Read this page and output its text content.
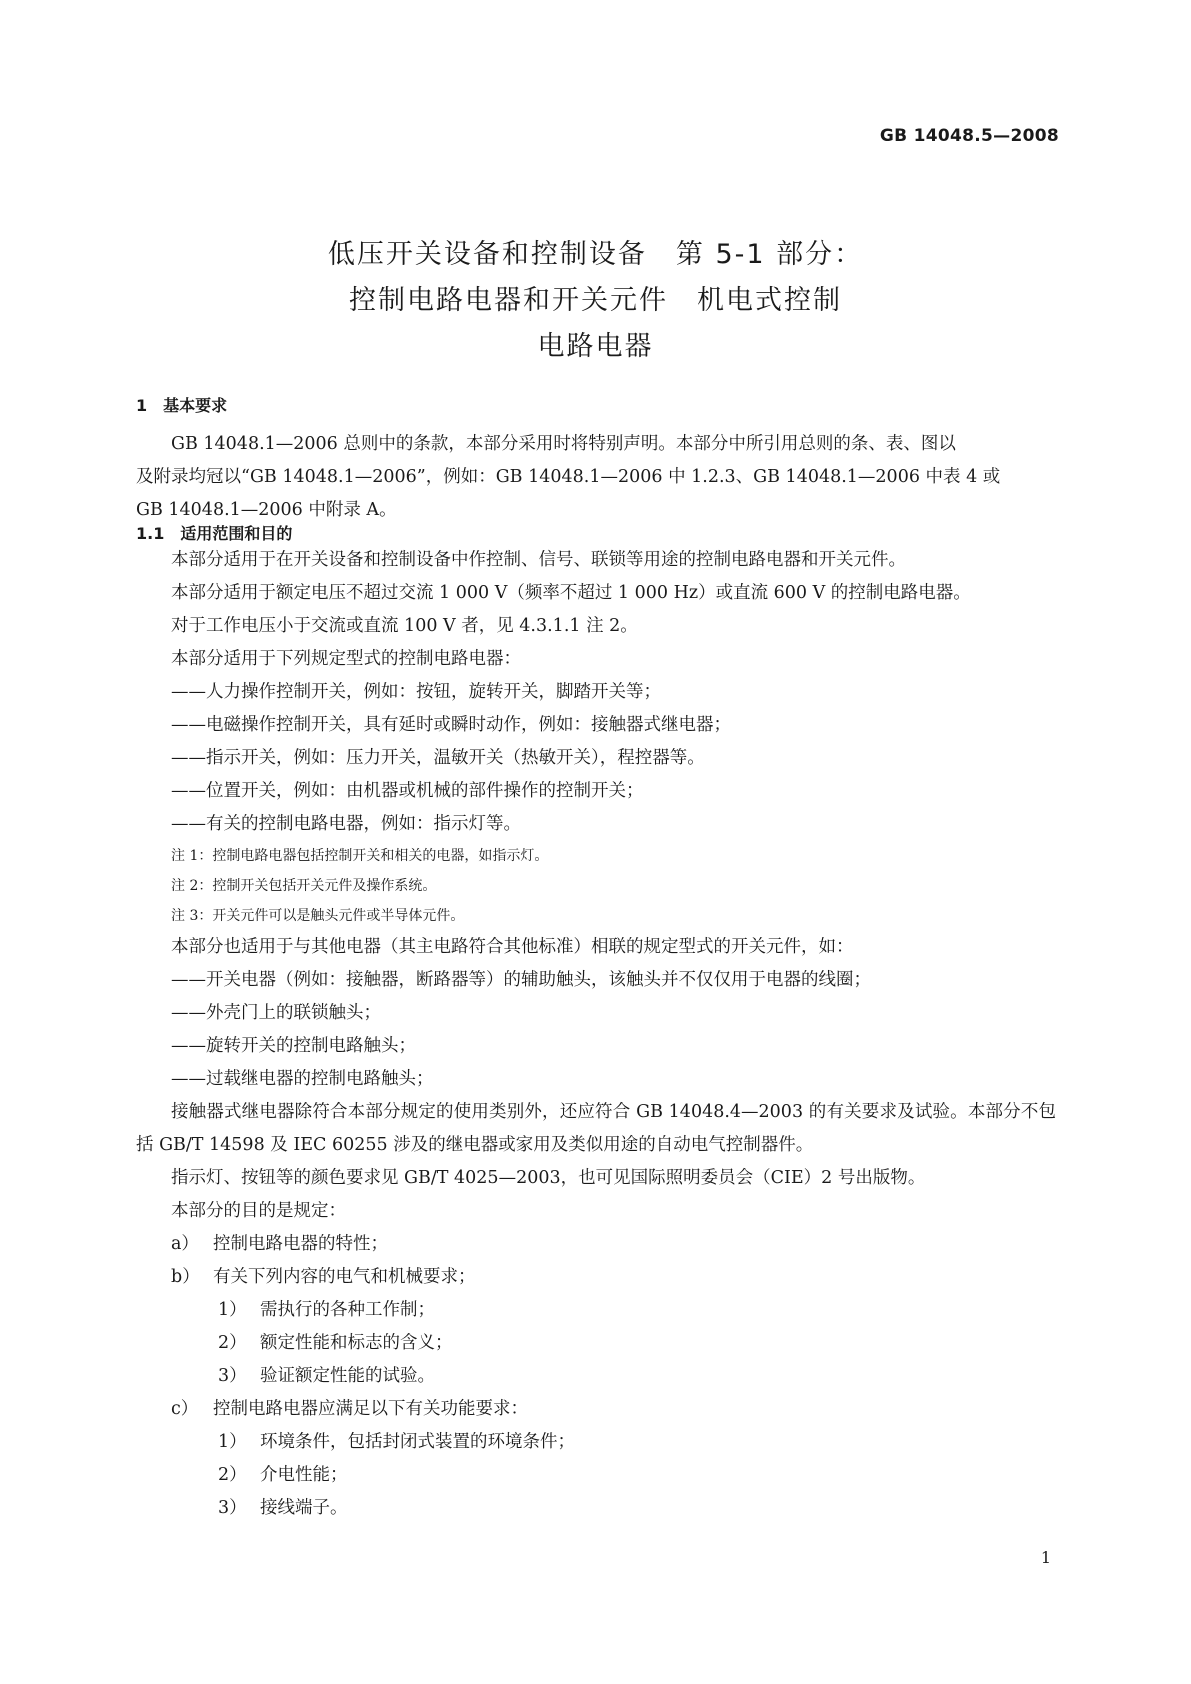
GB 14048.5—2008
低压开关设备和控制设备　第 5-1 部分：
控制电路电器和开关元件　机电式控制
电路电器
1　基本要求

GB 14048.1—2006 总则中的条款，本部分采用时将特别声明。本部分中所引用总则的条、表、图以

及附录均冠以“GB 14048.1—2006”，例如：GB 14048.1—2006 中 1.2.3、GB 14048.1—2006 中表 4 或

GB 14048.1—2006 中附录 A。

1.1　适用范围和目的

本部分适用于在开关设备和控制设备中作控制、信号、联锁等用途的控制电路电器和开关元件。

本部分适用于额定电压不超过交流 1 000 V（频率不超过 1 000 Hz）或直流 600 V 的控制电路电器。

对于工作电压小于交流或直流 100 V 者，见 4.3.1.1 注 2。

本部分适用于下列规定型式的控制电路电器：

——人力操作控制开关，例如：按钮，旋转开关，脚踏开关等；

——电磁操作控制开关，具有延时或瞬时动作，例如：接触器式继电器；

——指示开关，例如：压力开关，温敏开关（热敏开关），程控器等。

——位置开关，例如：由机器或机械的部件操作的控制开关；

——有关的控制电路电器，例如：指示灯等。

注 1：控制电路电器包括控制开关和相关的电器，如指示灯。

注 2：控制开关包括开关元件及操作系统。

注 3：开关元件可以是触头元件或半导体元件。

本部分也适用于与其他电器（其主电路符合其他标准）相联的规定型式的开关元件，如：

——开关电器（例如：接触器，断路器等）的辅助触头，该触头并不仅仅用于电器的线圈；

——外壳门上的联锁触头；

——旋转开关的控制电路触头；

——过载继电器的控制电路触头；

接触器式继电器除符合本部分规定的使用类别外，还应符合 GB 14048.4—2003 的有关要求及试验。本部分不包括 GB/T 14598 及 IEC 60255 涉及的继电器或家用及类似用途的自动电气控制器件。

指示灯、按钮等的颜色要求见 GB/T 4025—2003，也可见国际照明委员会（CIE）2 号出版物。

本部分的目的是规定：

a） 控制电路电器的特性；

b） 有关下列内容的电气和机械要求；

1） 需执行的各种工作制；

2） 额定性能和标志的含义；

3） 验证额定性能的试验。

c） 控制电路电器应满足以下有关功能要求：

1） 环境条件，包括封闭式装置的环境条件；

2） 介电性能；

3） 接线端子。

1
